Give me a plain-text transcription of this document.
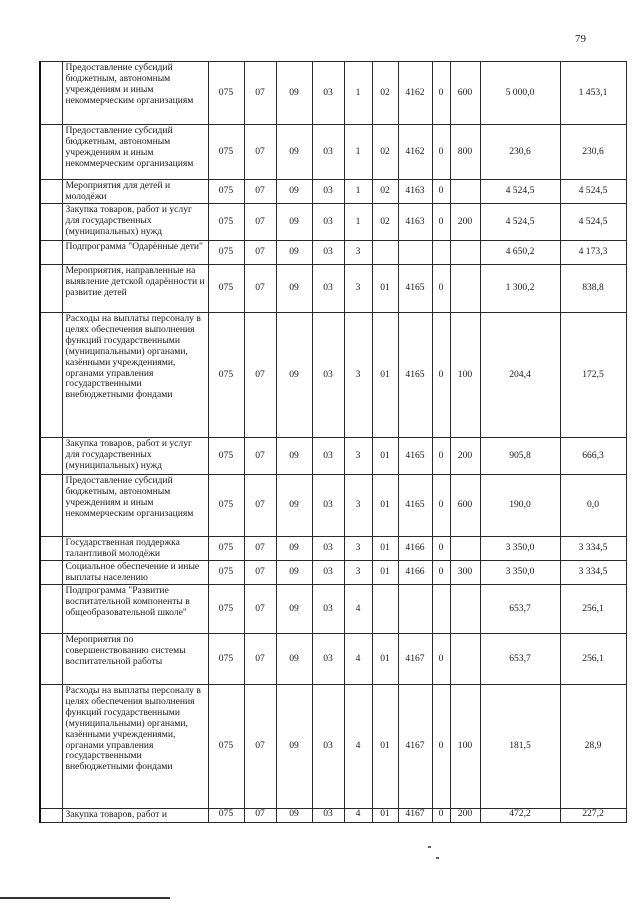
79
	Предоставление субсидий бюджетным, автономным учреждениям и иным некоммерческим организациям	075	07	09	03	1	02	4162	0	600	5 000,0	1 453,1
	Предоставление субсидий бюджетным, автономным учреждениям и иным некоммерческим организациям	075	07	09	03	1	02	4162	0	800	230,6	230,6
	Мероприятия для детей и молодёжи	075	07	09	03	1	02	4163	0		4 524,5	4 524,5
	Закупка товаров, работ и услуг для государственных (муниципальных) нужд	075	07	09	03	1	02	4163	0	200	4 524,5	4 524,5
	Подпрограмма "Одарённые дети"	075	07	09	03	3					4 650,2	4 173,3
	Мероприятия, направленные на выявление детской одарённости и развитие детей	075	07	09	03	3	01	4165	0		1 300,2	838,8
	Расходы на выплаты персоналу в целях обеспечения выполнения функций государственными (муниципальными) органами, казёнными учреждениями, органами управления государственными внебюджетными фондами	075	07	09	03	3	01	4165	0	100	204,4	172,5
	Закупка товаров, работ и услуг для государственных (муниципальных) нужд	075	07	09	03	3	01	4165	0	200	905,8	666,3
	Предоставление субсидий бюджетным, автономным учреждениям и иным некоммерческим организациям	075	07	09	03	3	01	4165	0	600	190,0	0,0
	Государственная поддержка талантливой молодёжи	075	07	09	03	3	01	4166	0		3 350,0	3 334,5
	Социальное обеспечение и иные выплаты населению	075	07	09	03	3	01	4166	0	300	3 350,0	3 334,5
	Подпрограмма "Развитие воспитательной компоненты в общеобразовательной школе"	075	07	09	03	4					653,7	256,1
	Мероприятия по совершенствованию системы воспитательной работы	075	07	09	03	4	01	4167	0		653,7	256,1
	Расходы на выплаты персоналу в целях обеспечения выполнения функций государственными (муниципальными) органами, казёнными учреждениями, органами управления государственными внебюджетными фондами	075	07	09	03	4	01	4167	0	100	181,5	28,9
	Закупка товаров, работ и	075	07	09	03	4	01	4167	0	200	472,2	227,2
